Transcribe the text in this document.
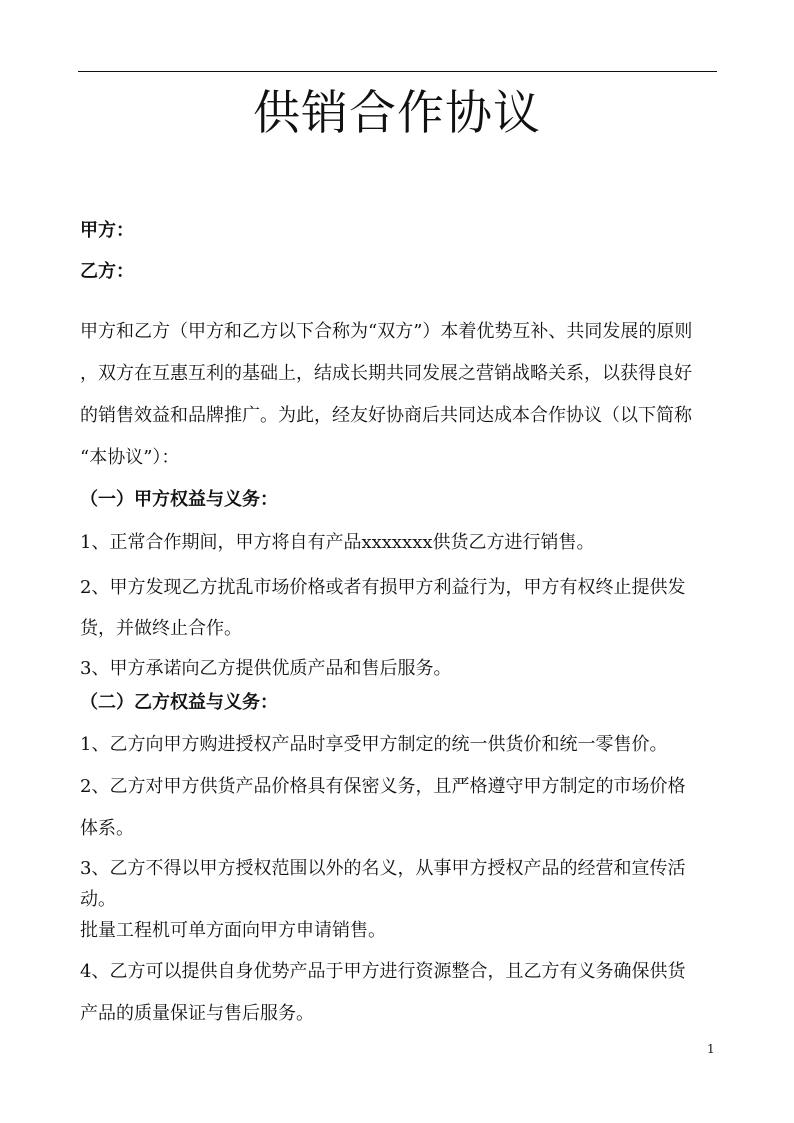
供销合作协议
甲方：
乙方：
甲方和乙方（甲方和乙方以下合称为“双方”）本着优势互补、共同发展的原则
，双方在互惠互利的基础上，结成长期共同发展之营销战略关系，以获得良好
的销售效益和品牌推广。为此，经友好协商后共同达成本合作协议（以下简称
“本协议”）：
（一）甲方权益与义务：
1、正常合作期间，甲方将自有产品xxxxxxx供货乙方进行销售。
2、甲方发现乙方扰乱市场价格或者有损甲方利益行为，甲方有权终止提供发
货，并做终止合作。
3、甲方承诺向乙方提供优质产品和售后服务。
（二）乙方权益与义务：
1、乙方向甲方购进授权产品时享受甲方制定的统一供货价和统一零售价。
2、乙方对甲方供货产品价格具有保密义务，且严格遵守甲方制定的市场价格
体系。
3、乙方不得以甲方授权范围以外的名义，从事甲方授权产品的经营和宣传活
动。
批量工程机可单方面向甲方申请销售。
4、乙方可以提供自身优势产品于甲方进行资源整合，且乙方有义务确保供货
产品的质量保证与售后服务。
1
